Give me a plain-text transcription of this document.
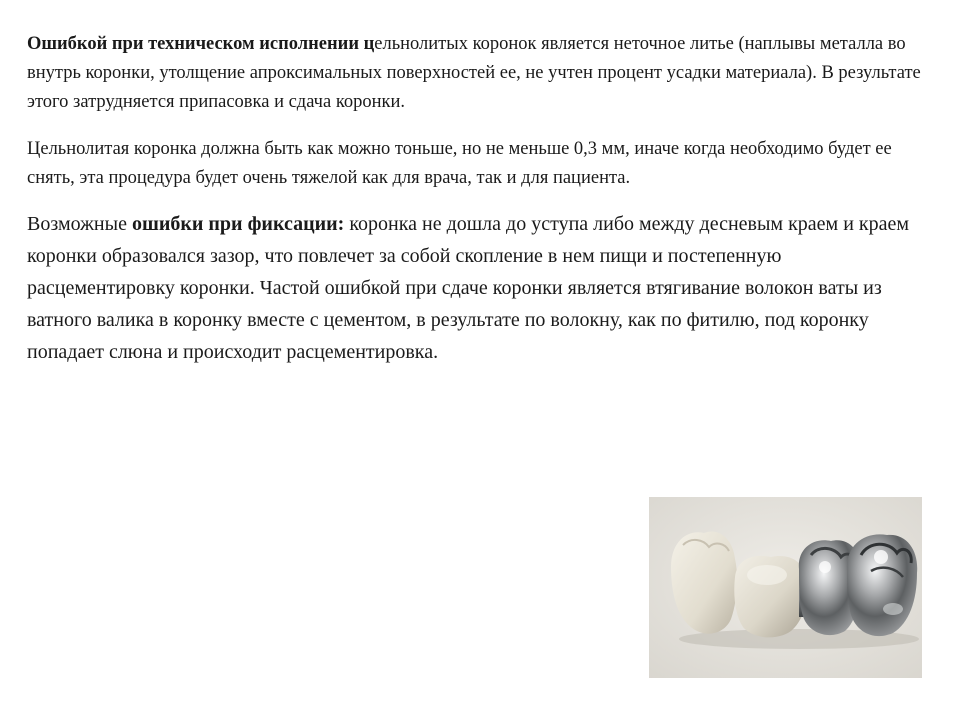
Ошибкой при техническом исполнении цельнолитых коронок является неточное литье (наплывы металла во внутрь коронки, утолщение апроксимальных поверхностей ее, не учтен процент усадки материала). В результате этого затрудняется припасовка и сдача коронки.

Цельнолитая коронка должна быть как можно тоньше, но не меньше 0,3 мм, иначе когда необходимо будет ее снять, эта процедура будет очень тяжелой как для врача, так и для пациента.

Возможные ошибки при фиксации: коронка не дошла до уступа либо между десневым краем и краем коронки образовался зазор, что повлечет за собой скопление в нем пищи и постепенную расцементировку коронки. Частой ошибкой при сдаче коронки является втягивание волокон ваты из ватного валика в коронку вместе с цементом, в результате по волокну, как по фитилю, под коронку попадает слюна и происходит расцементировка.
